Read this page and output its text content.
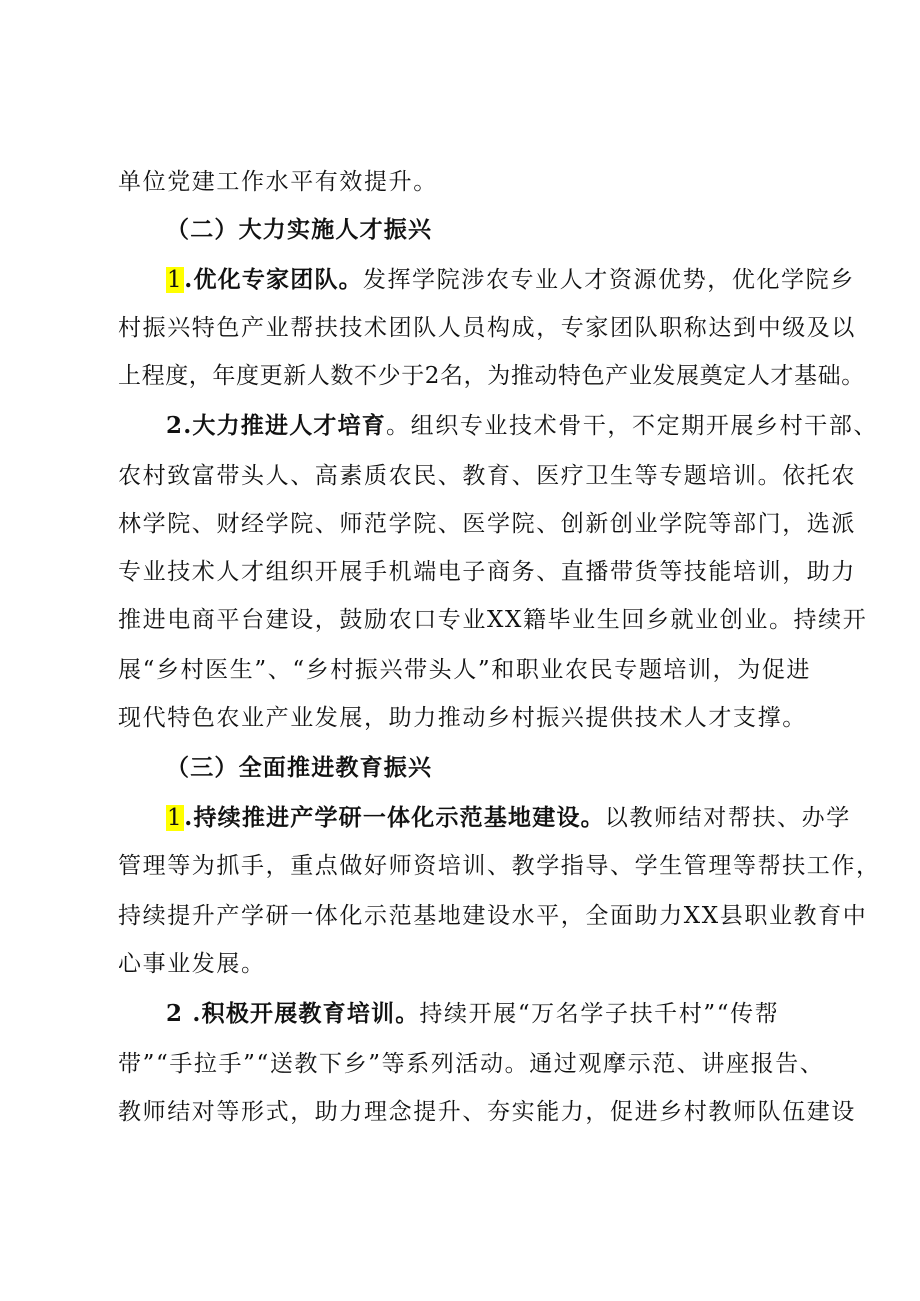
单位党建工作水平有效提升。
（二）大力实施人才振兴
1.优化专家团队。发挥学院涉农专业人才资源优势，优化学院乡
村振兴特色产业帮扶技术团队人员构成，专家团队职称达到中级及以
上程度，年度更新人数不少于2名，为推动特色产业发展奠定人才基础。
2.大力推进人才培育。组织专业技术骨干，不定期开展乡村干部、
农村致富带头人、高素质农民、教育、医疗卫生等专题培训。依托农
林学院、财经学院、师范学院、医学院、创新创业学院等部门，选派
专业技术人才组织开展手机端电子商务、直播带货等技能培训，助力
推进电商平台建设，鼓励农口专业XX籍毕业生回乡就业创业。持续开
展“乡村医生”、“乡村振兴带头人”和职业农民专题培训，为促进
现代特色农业产业发展，助力推动乡村振兴提供技术人才支撑。
（三）全面推进教育振兴
1.持续推进产学研一体化示范基地建设。以教师结对帮扶、办学
管理等为抓手，重点做好师资培训、教学指导、学生管理等帮扶工作，
持续提升产学研一体化示范基地建设水平，全面助力XX县职业教育中
心事业发展。
2 .积极开展教育培训。持续开展“万名学子扶千村”“传帮
带”“手拉手”“送教下乡”等系列活动。通过观摩示范、讲座报告、
教师结对等形式，助力理念提升、夯实能力，促进乡村教师队伍建设
